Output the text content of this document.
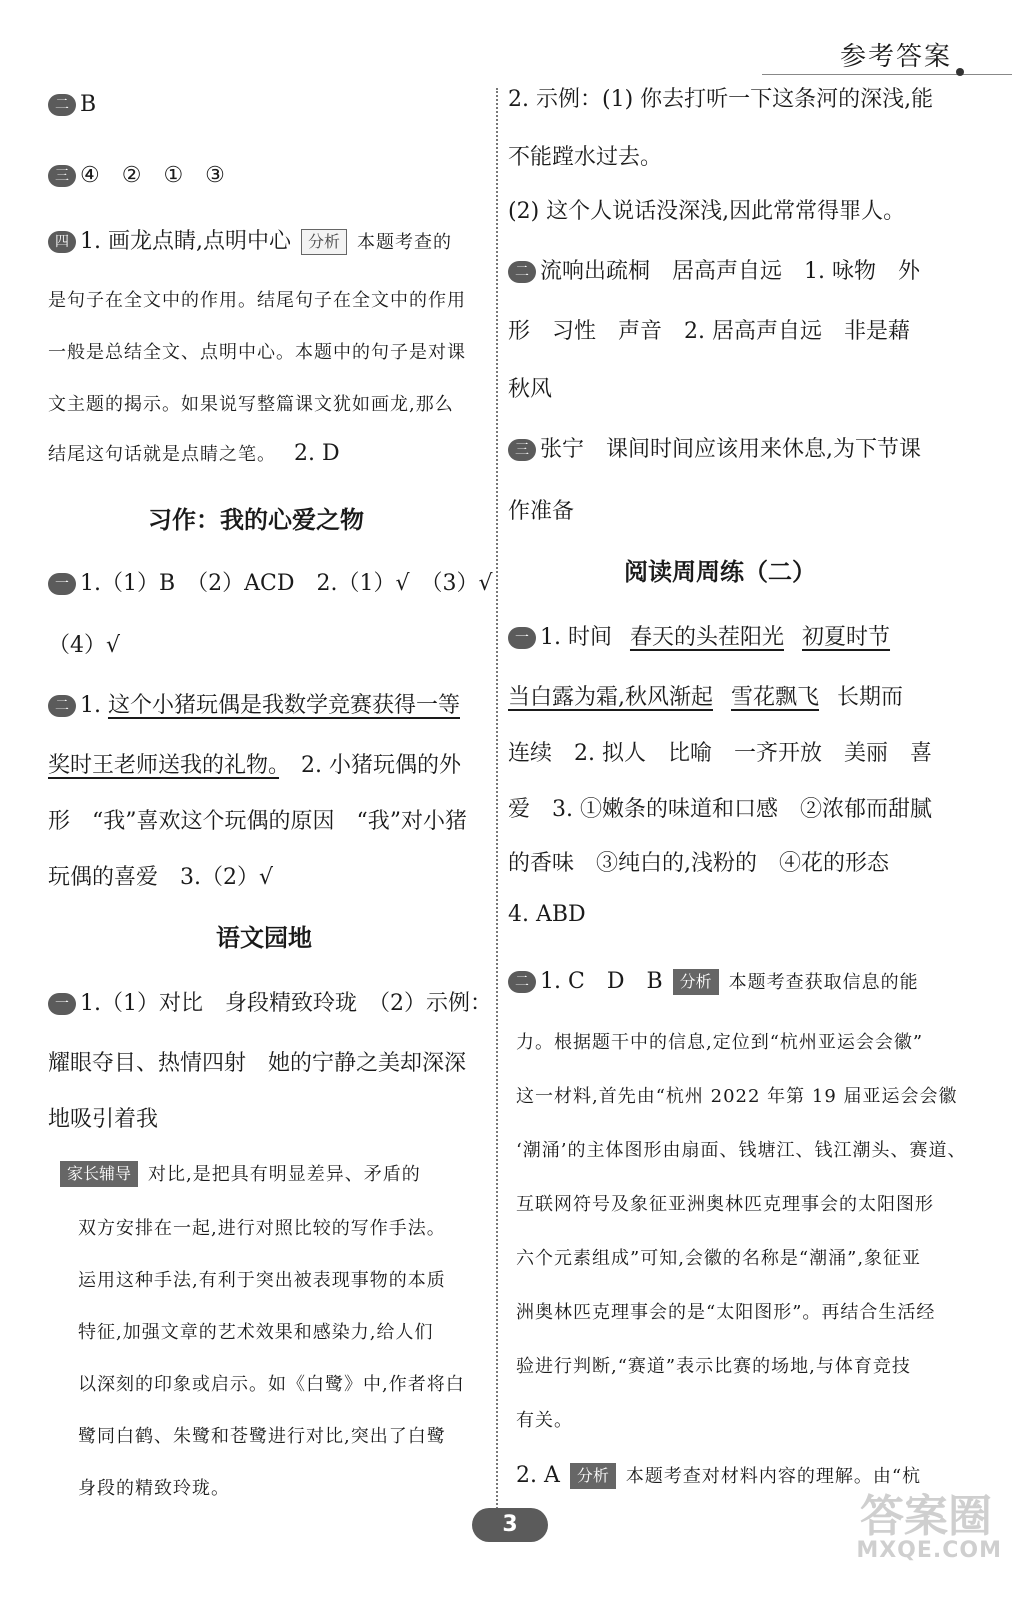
参考答案
二 B
三 ④　②　①　③
四 1. 画龙点睛,点明中心 分析 本题考查的
是句子在全文中的作用。结尾句子在全文中的作用
一般是总结全文、点明中心。本题中的句子是对课
文主题的揭示。如果说写整篇课文犹如画龙,那么
结尾这句话就是点睛之笔。 2. D
习作：我的心爱之物
一 1.（1）B　（2）ACD　2.（1）√　（3）√
（4）√
二 1. 这个小猪玩偶是我数学竞赛获得一等
奖时王老师送我的礼物。　2. 小猪玩偶的外
形　“我”喜欢这个玩偶的原因　“我”对小猪
玩偶的喜爱　3.（2）√
语文园地
一 1.（1）对比　身段精致玲珑　（2）示例：
耀眼夺目、热情四射　她的宁静之美却深深
地吸引着我
家长辅导 对比,是把具有明显差异、矛盾的
双方安排在一起,进行对照比较的写作手法。
运用这种手法,有利于突出被表现事物的本质
特征,加强文章的艺术效果和感染力,给人们
以深刻的印象或启示。如《白鹭》中,作者将白
鹭同白鹤、朱鹭和苍鹭进行对比,突出了白鹭
身段的精致玲珑。
2. 示例：(1) 你去打听一下这条河的深浅,能
不能蹚水过去。
(2) 这个人说话没深浅,因此常常得罪人。
二 流响出疏桐　居高声自远　1. 咏物　外
形　习性　声音　2. 居高声自远　非是藉
秋风
三 张宁　课间时间应该用来休息,为下节课
作准备
阅读周周练（二）
一 1. 时间 春天的头茬阳光 初夏时节
当白露为霜,秋风渐起 雪花飘飞 长期而
连续　2. 拟人　比喻　一齐开放　美丽　喜
爱　3. ①嫩条的味道和口感　②浓郁而甜腻
的香味　③纯白的,浅粉的　④花的形态
4. ABD
二 1. C　D　B 分析 本题考查获取信息的能
力。根据题干中的信息,定位到“杭州亚运会会徽”
这一材料,首先由“杭州 2022 年第 19 届亚运会会徽
‘潮涌’的主体图形由扇面、钱塘江、钱江潮头、赛道、
互联网符号及象征亚洲奥林匹克理事会的太阳图形
六个元素组成”可知,会徽的名称是“潮涌”,象征亚
洲奥林匹克理事会的是“太阳图形”。再结合生活经
验进行判断,“赛道”表示比赛的场地,与体育竞技
有关。
2. A 分析 本题考查对材料内容的理解。由“杭
3	答案圈
MXQE.COM
